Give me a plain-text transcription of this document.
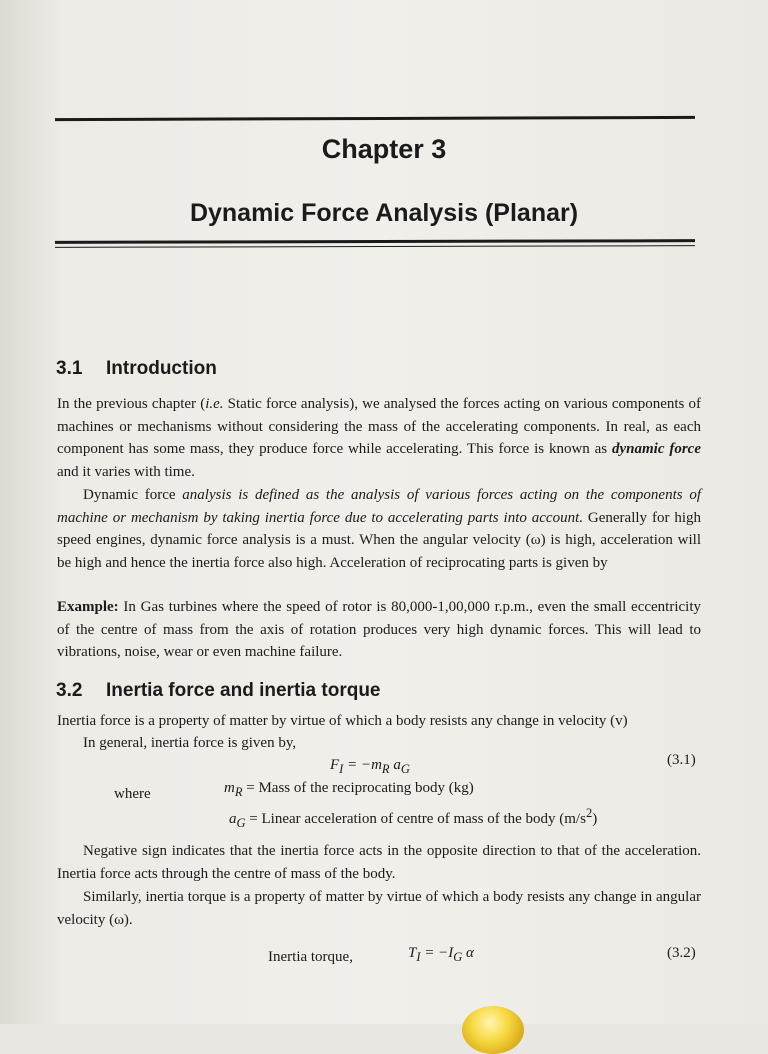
Chapter 3
Dynamic Force Analysis (Planar)
3.1 Introduction
In the previous chapter (i.e. Static force analysis), we analysed the forces acting on various components of machines or mechanisms without considering the mass of the accelerating components. In real, as each component has some mass, they produce force while accelerating. This force is known as dynamic force and it varies with time.
Dynamic force analysis is defined as the analysis of various forces acting on the components of machine or mechanism by taking inertia force due to accelerating parts into account. Generally for high speed engines, dynamic force analysis is a must. When the angular velocity (ω) is high, acceleration will be high and hence the inertia force also high. Acceleration of reciprocating parts is given by
Example: In Gas turbines where the speed of rotor is 80,000-1,00,000 r.p.m., even the small eccentricity of the centre of mass from the axis of rotation produces very high dynamic forces. This will lead to vibrations, noise, wear or even machine failure.
3.2 Inertia force and inertia torque
Inertia force is a property of matter by virtue of which a body resists any change in velocity (v)
In general, inertia force is given by,
$F_I = -m_R$ $a_G$
(3.1)
where	$m_R$ = Mass of the reciprocating body (kg)
$a_G$ = Linear acceleration of centre of mass of the body $(m/s^2)$
Negative sign indicates that the inertia force acts in the opposite direction to that of the acceleration. Inertia force acts through the centre of mass of the body.
Similarly, inertia torque is a property of matter by virtue of which a body resists any change in angular velocity (ω).
Inertia torque,	$T_I = -I_G$ α	(3.2)
